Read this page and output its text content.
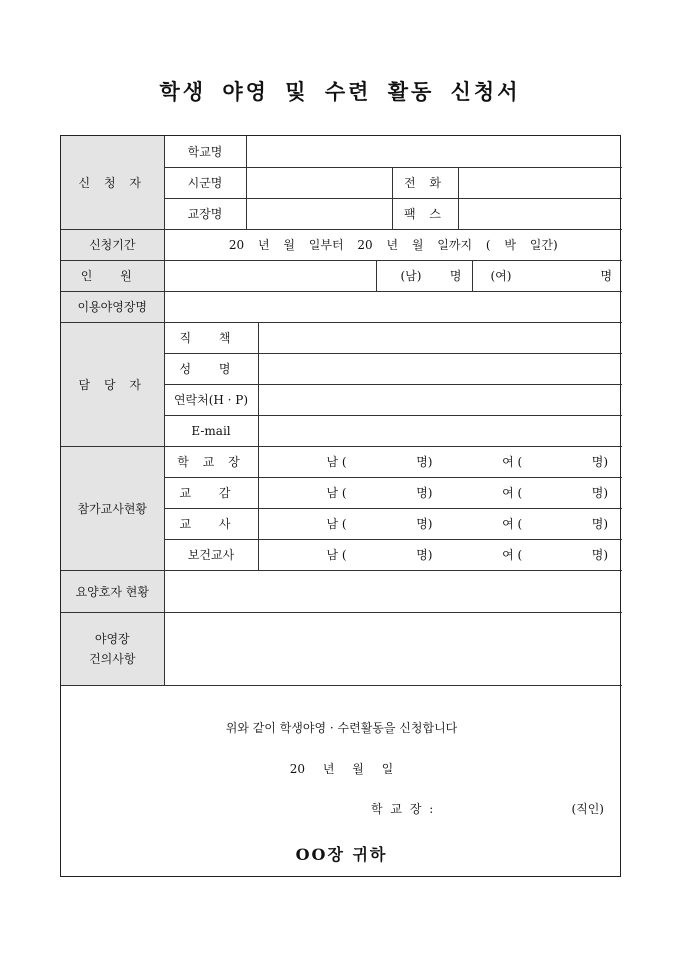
학생 야영 및 수련 활동 신청서
신 청 자	학교명						
	시군명				전 화		
	교장명				팩 스		
신청기간	20 년 월 일부터 20 년 월 일까지 ( 박 일간)						
인 원				(남) 명			(여) 명

이용야영장명							
담 당 자	직 책						
	성 명						
	연락처(H · P)						
	E-mail						
참가교사현황	학 교 장		남 ( 명) 여 ( 명)				

	교 감		남 ( 명) 여 ( 명)				

	교 사		남 ( 명) 여 ( 명)				

	보건교사		남 ( 명) 여 ( 명)				

요양호자 현황							

야영장
건의사항							

위와 같이 학생야영 · 수련활동을 신청합니다
20 년 월 일
학 교 장 :	(직인)
OO장 귀하
